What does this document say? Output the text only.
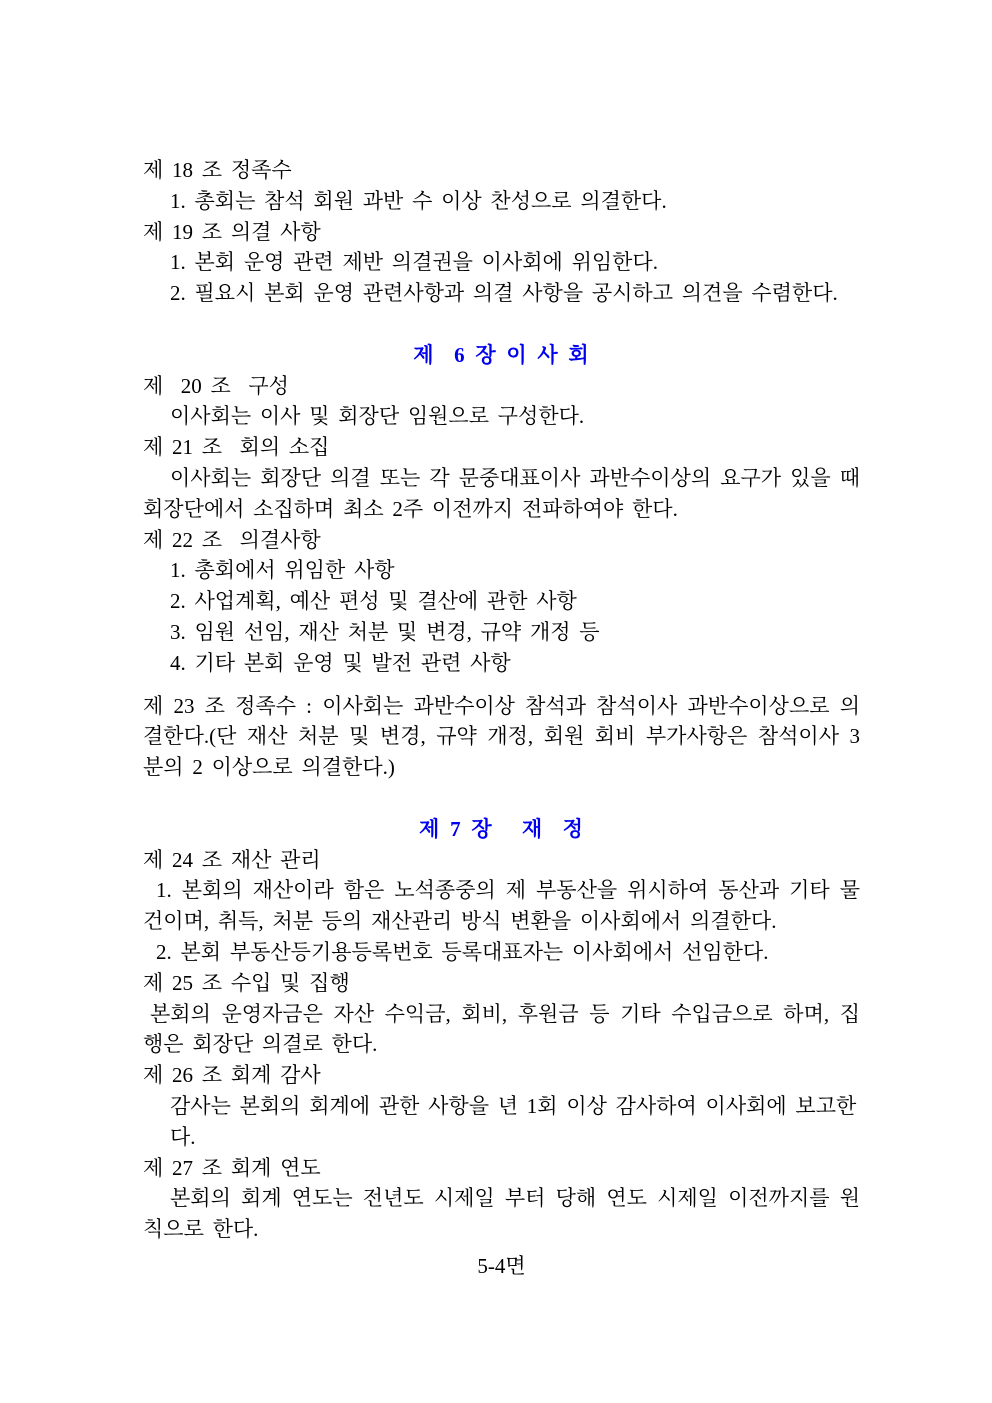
제 18 조 정족수

1. 총회는 참석 회원 과반 수 이상 찬성으로 의결한다.

제 19 조 의결 사항

1. 본회 운영 관련 제반 의결권을 이사회에 위임한다.

2. 필요시 본회 운영 관련사항과 의결 사항을 공시하고 의견을 수렴한다.

제  6 장 이 사 회

제  20 조  구성

이사회는 이사 및 회장단 임원으로 구성한다.

제 21 조  회의 소집

이사회는 회장단 의결 또는 각 문중대표이사 과반수이상의 요구가 있을 때 회장단에서 소집하며 최소 2주 이전까지 전파하여야 한다.

제 22 조  의결사항

1. 총회에서 위임한 사항

2. 사업계획, 예산 편성 및 결산에 관한 사항

3. 임원 선임, 재산 처분 및 변경, 규약 개정 등

4. 기타 본회 운영 및 발전 관련 사항

제 23 조 정족수 : 이사회는 과반수이상 참석과 참석이사 과반수이상으로 의결한다.(단 재산 처분 및 변경, 규약 개정, 회원 회비 부가사항은 참석이사 3분의 2 이상으로 의결한다.)

제 7 장   재  정

제 24 조 재산 관리

1. 본회의 재산이라 함은 노석종중의 제 부동산을 위시하여 동산과 기타 물건이며, 취득, 처분 등의 재산관리 방식 변환을 이사회에서 의결한다.

2. 본회 부동산등기용등록번호 등록대표자는 이사회에서 선임한다.

제 25 조 수입 및 집행

본회의 운영자금은 자산 수익금, 회비, 후원금 등 기타 수입금으로 하며, 집행은 회장단 의결로 한다.

제 26 조 회계 감사

감사는 본회의 회계에 관한 사항을 년 1회 이상 감사하여 이사회에 보고한다.

제 27 조 회계 연도

본회의 회계 연도는 전년도 시제일 부터 당해 연도 시제일 이전까지를 원칙으로 한다.

5-4면
